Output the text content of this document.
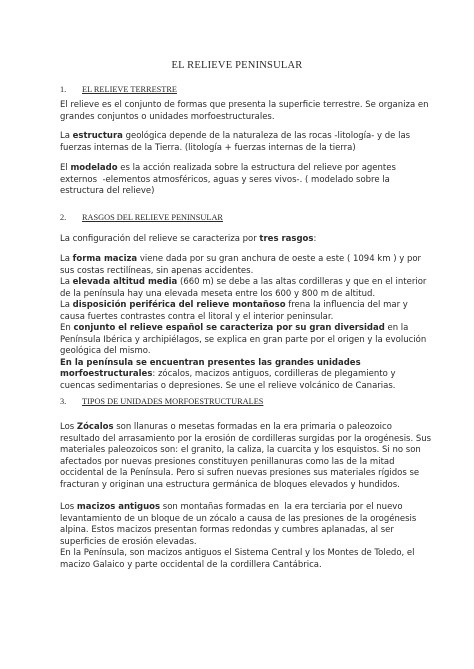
EL RELIEVE PENINSULAR
1. EL RELIEVE TERRESTRE

El relieve es el conjunto de formas que presenta la superficie terrestre. Se organiza en grandes conjuntos o unidades morfoestructurales.

La estructura geológica depende de la naturaleza de las rocas -litología- y de las fuerzas internas de la Tierra. (litología + fuerzas internas de la tierra)

El modelado es la acción realizada sobre la estructura del relieve por agentes externos  -elementos atmosféricos, aguas y seres vivos-. ( modelado sobre la estructura del relieve)

2. RASGOS DEL RELIEVE PENINSULAR

La configuración del relieve se caracteriza por tres rasgos:

La forma maciza viene dada por su gran anchura de oeste a este ( 1094 km ) y por sus costas rectilíneas, sin apenas accidentes.
La elevada altitud media (660 m) se debe a las altas cordilleras y que en el interior de la península hay una elevada meseta entre los 600 y 800 m de altitud.
La disposición periférica del relieve montañoso frena la influencia del mar y causa fuertes contrastes contra el litoral y el interior peninsular.
En conjunto el relieve español se caracteriza por su gran diversidad en la Península Ibérica y archipiélagos, se explica en gran parte por el origen y la evolución geológica del mismo.
En la península se encuentran presentes las grandes unidades morfoestructurales: zócalos, macizos antiguos, cordilleras de plegamiento y cuencas sedimentarias o depresiones. Se une el relieve volcánico de Canarias.

3. TIPOS DE UNIDADES MORFOESTRUCTURALES

Los Zócalos son llanuras o mesetas formadas en la era primaria o paleozoico resultado del arrasamiento por la erosión de cordilleras surgidas por la orogénesis. Sus materiales paleozoicos son: el granito, la caliza, la cuarcita y los esquistos. Si no son afectados por nuevas presiones constituyen penillanuras como las de la mitad occidental de la Península. Pero si sufren nuevas presiones sus materiales rígidos se fracturan y originan una estructura germánica de bloques elevados y hundidos.

Los macizos antiguos son montañas formadas en  la era terciaria por el nuevo levantamiento de un bloque de un zócalo a causa de las presiones de la orogénesis alpina. Estos macizos presentan formas redondas y cumbres aplanadas, al ser superficies de erosión elevadas.
En la Península, son macizos antiguos el Sistema Central y los Montes de Toledo, el macizo Galaico y parte occidental de la cordillera Cantábrica.
